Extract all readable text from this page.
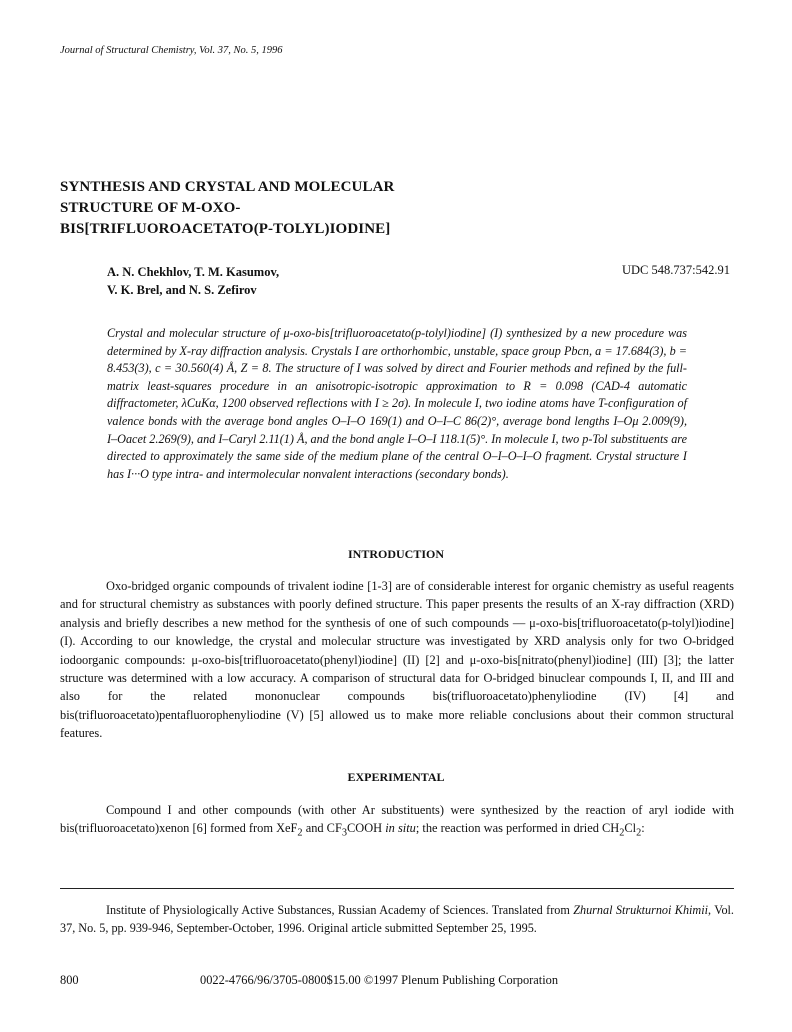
Journal of Structural Chemistry, Vol. 37, No. 5, 1996
SYNTHESIS AND CRYSTAL AND MOLECULAR
STRUCTURE OF Μ-OXO-
BIS[TRIFLUOROACETATO(P-TOLYL)IODINE]
A. N. Chekhlov, T. M. Kasumov,
V. K. Brel, and N. S. Zefirov
UDC 548.737:542.91

Crystal and molecular structure of μ-oxo-bis[trifluoroacetato(p-tolyl)iodine] (I) synthesized by a new procedure was determined by X-ray diffraction analysis. Crystals I are orthorhombic, unstable, space group Pbcn, a = 17.684(3), b = 8.453(3), c = 30.560(4) Å, Z = 8. The structure of I was solved by direct and Fourier methods and refined by the full-matrix least-squares procedure in an anisotropic-isotropic approximation to R = 0.098 (CAD-4 automatic diffractometer, λCuKα, 1200 observed reflections with I ≥ 2σ). In molecule I, two iodine atoms have T-configuration of valence bonds with the average bond angles O–I–O 169(1) and O–I–C 86(2)°, average bond lengths I–Oμ 2.009(9), I–Oacet 2.269(9), and I–Caryl 2.11(1) Å, and the bond angle I–O–I 118.1(5)°. In molecule I, two p-Tol substituents are directed to approximately the same side of the medium plane of the central O–I–O–I–O fragment. Crystal structure I has I···O type intra- and intermolecular nonvalent interactions (secondary bonds).

INTRODUCTION

Oxo-bridged organic compounds of trivalent iodine [1-3] are of considerable interest for organic chemistry as useful reagents and for structural chemistry as substances with poorly defined structure. This paper presents the results of an X-ray diffraction (XRD) analysis and briefly describes a new method for the synthesis of one of such compounds — μ-oxo-bis[trifluoroacetato(p-tolyl)iodine] (I). According to our knowledge, the crystal and molecular structure was investigated by XRD analysis only for two O-bridged iodoorganic compounds: μ-oxo-bis[trifluoroacetato(phenyl)iodine] (II) [2] and μ-oxo-bis[nitrato(phenyl)iodine] (III) [3]; the latter structure was determined with a low accuracy. A comparison of structural data for O-bridged binuclear compounds I, II, and III and also for the related mononuclear compounds bis(trifluoroacetato)phenyliodine (IV) [4] and bis(trifluoroacetato)pentafluorophenyliodine (V) [5] allowed us to make more reliable conclusions about their common structural features.

EXPERIMENTAL

Compound I and other compounds (with other Ar substituents) were synthesized by the reaction of aryl iodide with bis(trifluoroacetato)xenon [6] formed from XeF$_2$ and $CF_3COOH$ in situ; the reaction was performed in dried $CH_2Cl_2$:

Institute of Physiologically Active Substances, Russian Academy of Sciences. Translated from Zhurnal Strukturnoi Khimii, Vol. 37, No. 5, pp. 939-946, September-October, 1996. Original article submitted September 25, 1995.

800	0022-4766/96/3705-0800$15.00 ©1997 Plenum Publishing Corporation
